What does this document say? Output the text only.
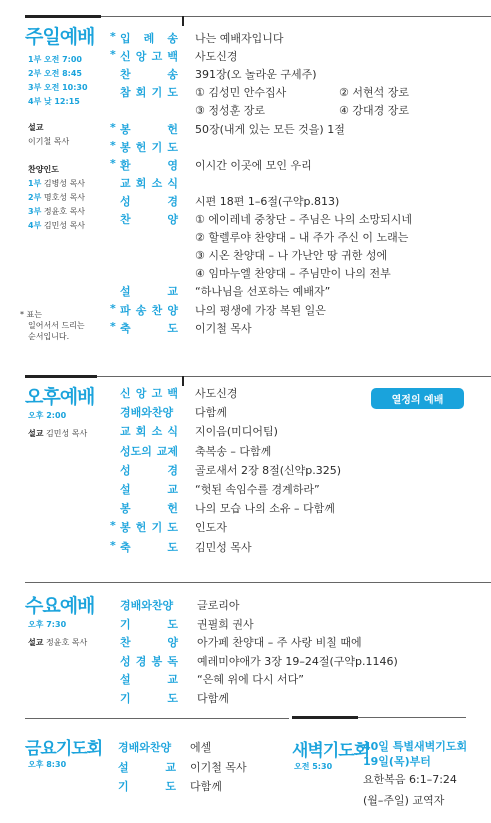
주일예배
1부 오전 7:00
2부 오전 8:45
3부 오전 10:30
4부 낮 12:15
설교
이기철 목사
찬양인도
1부 김병성 목사
2부 명호성 목사
3부 정윤호 목사
4부 김민성 목사
* 표는
일어서서 드리는
순서입니다.
* 입 례 송 나는 예배자입니다
* 신 앙 고 백 사도신경
찬	송 391장(오 놀라운 구세주)
참 회 기 도 ① 김성민 안수집사	② 서현석 장로
③ 정성훈 장로	④ 강대경 장로
* 봉	헌 50장(내게 있는 모든 것을) 1절
* 봉 헌 기 도
* 환	영 이시간 이곳에 모인 우리
교 회 소 식
성	경 시편 18편 1–6절(구약p.813)
찬	양 ① 에이레네 중창단 – 주님은 나의 소망되시네
② 할렐루야 찬양대 – 내 주가 주신 이 노래는
③ 시온 찬양대 – 나 가난안 땅 귀한 성에
④ 임마누엘 찬양대 – 주님만이 나의 전부
설	교 “하나님을 선포하는 예배자”
* 파 송 찬 양 나의 평생에 가장 복된 일은
* 축	도 이기철 목사
오후예배
오후 2:00
설교 김민성 목사
열정의 예배
신 앙 고 백 사도신경
경배와찬양	다함께
교 회 소 식 지이음(미디어팀)
성도의 교제 축복송 – 다함께
성	경 골로새서 2장 8절(신약p.325)
설	교 “헛된 속임수를 경계하라”
봉	헌 나의 모습 나의 소유 – 다함께
* 봉 헌 기 도 인도자
* 축	도 김민성 목사
수요예배
오후 7:30
설교 정윤호 목사
경배와찬양	글로리아
기	도 권필희 권사
찬	양 아가페 찬양대 – 주 사랑 비칠 때에
성 경 봉 독 예레미야애가 3장 19–24절(구약p.1146)
설	교 “은혜 위에 다시 서다”
기	도 다함께
금요기도회
오후 8:30
경배와찬양	에셀
설	교 이기철 목사
기	도 다함께
새벽기도회
오전 5:30
40일 특별새벽기도회
19일(목)부터
요한복음 6:1–7:24
(월–주일) 교역자
